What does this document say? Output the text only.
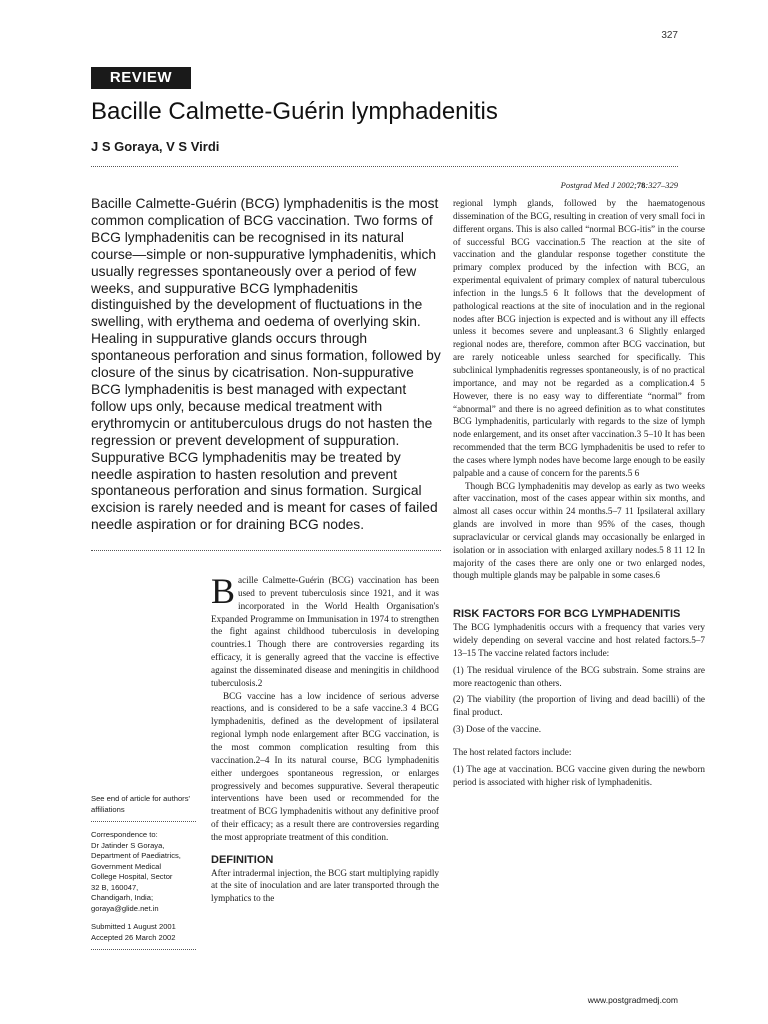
327
REVIEW
Bacille Calmette-Guérin lymphadenitis
J S Goraya, V S Virdi
Postgrad Med J 2002;78:327–329

Bacille Calmette-Guérin (BCG) lymphadenitis is the most common complication of BCG vaccination. Two forms of BCG lymphadenitis can be recognised in its natural course—simple or non-suppurative lymphadenitis, which usually regresses spontaneously over a period of few weeks, and suppurative BCG lymphadenitis distinguished by the development of fluctuations in the swelling, with erythema and oedema of overlying skin. Healing in suppurative glands occurs through spontaneous perforation and sinus formation, followed by closure of the sinus by cicatrisation. Non-suppurative BCG lymphadenitis is best managed with expectant follow ups only, because medical treatment with erythromycin or antituberculous drugs do not hasten the regression or prevent development of suppuration. Suppurative BCG lymphadenitis may be treated by needle aspiration to hasten resolution and prevent spontaneous perforation and sinus formation. Surgical excision is rarely needed and is meant for cases of failed needle aspiration or for draining BCG nodes.

Bacille Calmette-Guérin (BCG) vaccination has been used to prevent tuberculosis since 1921, and it was incorporated in the World Health Organisation's Expanded Programme on Immunisation in 1974 to strengthen the fight against childhood tuberculosis in developing countries.1 Though there are controversies regarding its efficacy, it is generally agreed that the vaccine is effective against the disseminated disease and meningitis in childhood tuberculosis.2

BCG vaccine has a low incidence of serious adverse reactions, and is considered to be a safe vaccine.3 4 BCG lymphadenitis, defined as the development of ipsilateral regional lymph node enlargement after BCG vaccination, is the most common complication resulting from this vaccination.2–4 In its natural course, BCG lymphadenitis either undergoes spontaneous regression, or enlarges progressively and becomes suppurative. Several therapeutic interventions have been used or recommended for the treatment of BCG lymphadenitis without any definitive proof of their efficacy; as a result there are controversies regarding the most appropriate treatment of this condition.

DEFINITION

After intradermal injection, the BCG start multiplying rapidly at the site of inoculation and are later transported through the lymphatics to the

regional lymph glands, followed by the haematogenous dissemination of the BCG, resulting in creation of very small foci in different organs. This is also called “normal BCG-itis” in the course of successful BCG vaccination.5 The reaction at the site of vaccination and the glandular response together constitute the primary complex produced by the infection with BCG, an experimental equivalent of primary complex of natural tuberculous infection in the lungs.5 6 It follows that the development of pathological reactions at the site of inoculation and in the regional nodes after BCG injection is expected and is without any ill effects unless it becomes severe and unpleasant.3 6 Slightly enlarged regional nodes are, therefore, common after BCG vaccination, but are rarely noticeable unless searched for specifically. This subclinical lymphadenitis regresses spontaneously, is of no practical importance, and may not be regarded as a complication.4 5 However, there is no easy way to differentiate “normal” from “abnormal” and there is no agreed definition as to what constitutes BCG lymphadenitis, particularly with regards to the size of lymph node enlargement, and its onset after vaccination.3 5–10 It has been recommended that the term BCG lymphadenitis be used to refer to the cases where lymph nodes have become large enough to be easily palpable and a cause of concern for the parents.5 6

Though BCG lymphadenitis may develop as early as two weeks after vaccination, most of the cases appear within six months, and almost all cases occur within 24 months.5–7 11 Ipsilateral axillary glands are involved in more than 95% of the cases, though supraclavicular or cervical glands may occasionally be enlarged in isolation or in association with enlarged axillary nodes.5 8 11 12 In majority of the cases there are only one or two enlarged nodes, though multiple glands may be palpable in some cases.6

RISK FACTORS FOR BCG LYMPHADENITIS

The BCG lymphadenitis occurs with a frequency that varies very widely depending on several vaccine and host related factors.5–7 13–15 The vaccine related factors include:

(1) The residual virulence of the BCG substrain. Some strains are more reactogenic than others.

(2) The viability (the proportion of living and dead bacilli) of the final product.

(3) Dose of the vaccine.

The host related factors include:

(1) The age at vaccination. BCG vaccine given during the newborn period is associated with higher risk of lymphadenitis.

See end of article for authors' affiliations

Correspondence to:

Dr Jatinder S Goraya,

Department of Paediatrics,

Government Medical

College Hospital, Sector

32 B, 160047,

Chandigarh, India;

goraya@glide.net.in

Submitted 1 August 2001

Accepted 26 March 2002

www.postgradmedj.com
